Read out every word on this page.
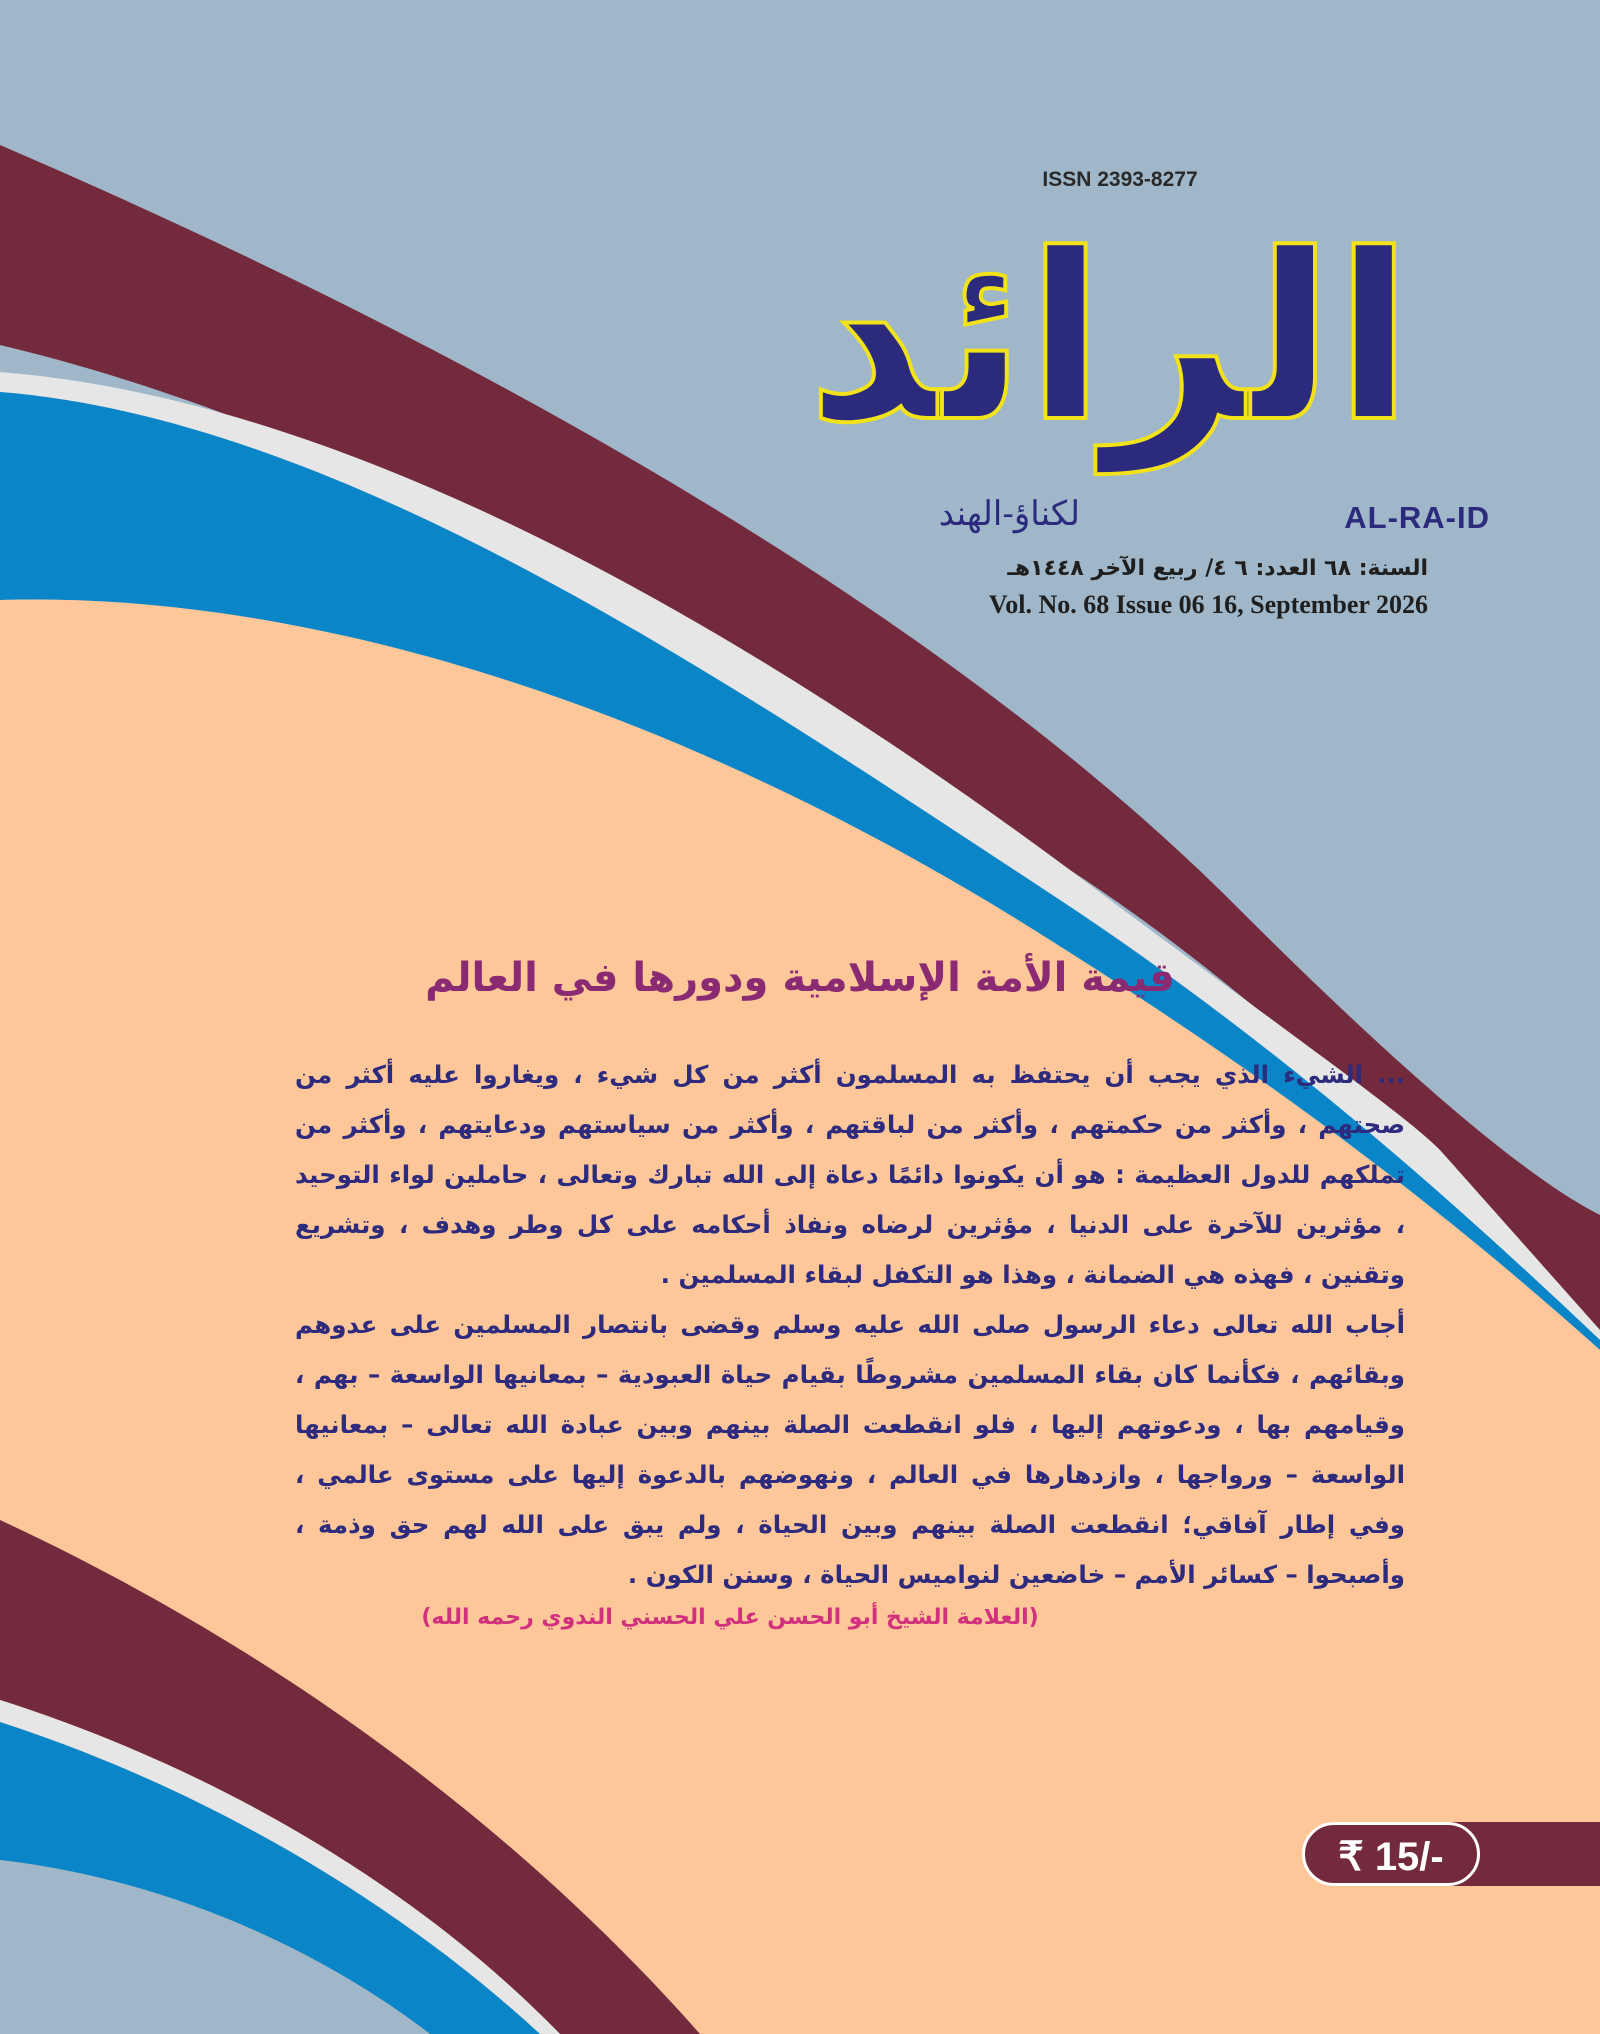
ISSN 2393-8277
الرائد
لكناؤ-الهند	AL-RA-ID
السنة: ٦٨ العدد: ٦ ٤/ ربيع الآخر ١٤٤٨هـ
Vol. No. 68 Issue 06 16, September 2026
قيمة الأمة الإسلامية ودورها في العالم

... الشيء الذي يجب أن يحتفظ به المسلمون أكثر من كل شيء ، ويغاروا عليه أكثر من صحتهم ، وأكثر من حكمتهم ، وأكثر من لباقتهم ، وأكثر من سياستهم ودعايتهم ، وأكثر من تملكهم للدول العظيمة : هو أن يكونوا دائمًا دعاة إلى الله تبارك وتعالى ، حاملين لواء التوحيد ، مؤثرين للآخرة على الدنيا ، مؤثرين لرضاه ونفاذ أحكامه على كل وطر وهدف ، وتشريع وتقنين ، فهذه هي الضمانة ، وهذا هو التكفل لبقاء المسلمين .

أجاب الله تعالى دعاء الرسول صلى الله عليه وسلم وقضى بانتصار المسلمين على عدوهم وبقائهم ، فكأنما كان بقاء المسلمين مشروطًا بقيام حياة العبودية – بمعانيها الواسعة – بهم ، وقيامهم بها ، ودعوتهم إليها ، فلو انقطعت الصلة بينهم وبين عبادة الله تعالى – بمعانيها الواسعة – ورواجها ، وازدهارها في العالم ، ونهوضهم بالدعوة إليها على مستوى عالمي ، وفي إطار آفاقي؛ انقطعت الصلة بينهم وبين الحياة ، ولم يبق على الله لهم حق وذمة ، وأصبحوا – كسائر الأمم – خاضعين لنواميس الحياة ، وسنن الكون .

(العلامة الشيخ أبو الحسن علي الحسني الندوي رحمه الله)
₹ 15/-
